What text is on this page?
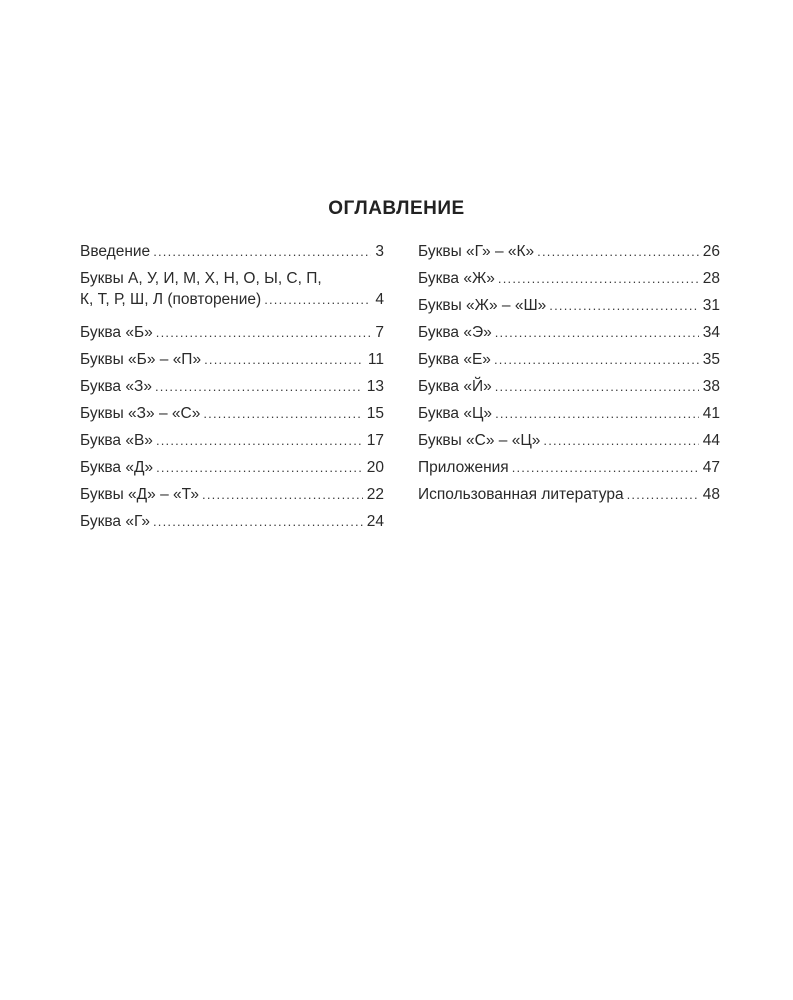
ОГЛАВЛЕНИЕ
Введение .....	3
Буквы А, У, И, М, Х, Н, О, Ы, С, П,
К, Т, Р, Ш, Л (повторение) .....	4
Буква «Б» .....	7
Буквы «Б» – «П» .....	11
Буква «З» .....	13
Буквы «З» – «С» .....	15
Буква «В» .....	17
Буква «Д» .....	20
Буквы «Д» – «Т» .....	22
Буква «Г» .....	24
Буквы «Г» – «К» .....	26
Буква «Ж» .....	28
Буквы «Ж» – «Ш» .....	31
Буква «Э» .....	34
Буква «Е» .....	35
Буква «Й» .....	38
Буква «Ц» .....	41
Буквы «С» – «Ц» .....	44
Приложения .....	47
Использованная литература .....	48
